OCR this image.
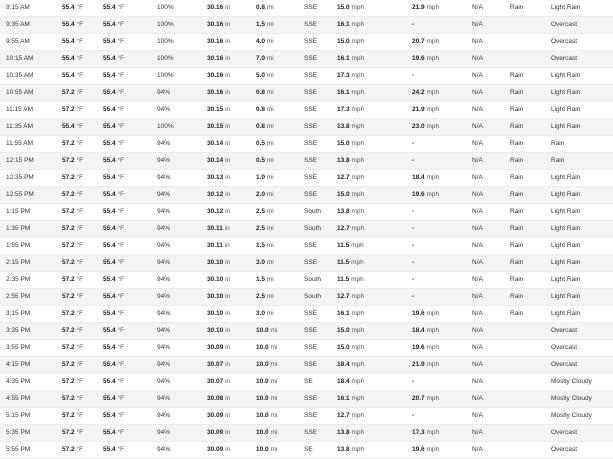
9:15 AM	55.4 °F	55.4 °F	100%	30.16 in	0.8 mi	SSE	15.0 mph	21.9 mph	N/A	Rain	Light Rain
9:35 AM	55.4 °F	55.4 °F	100%	30.16 in	1.5 mi	SSE	16.1 mph	-	N/A		Overcast
9:55 AM	55.4 °F	55.4 °F	100%	30.16 in	4.0 mi	SSE	15.0 mph	20.7 mph	N/A		Overcast
10:15 AM	55.4 °F	55.4 °F	100%	30.16 in	7.0 mi	SSE	16.1 mph	19.6 mph	N/A		Overcast
10:35 AM	55.4 °F	55.4 °F	100%	30.16 in	5.0 mi	SSE	17.3 mph	-	N/A	Rain	Light Rain
10:55 AM	57.2 °F	55.4 °F	94%	30.16 in	0.8 mi	SSE	16.1 mph	24.2 mph	N/A	Rain	Light Rain
11:15 AM	57.2 °F	55.4 °F	94%	30.15 in	0.8 mi	SSE	17.3 mph	21.9 mph	N/A	Rain	Light Rain
11:35 AM	55.4 °F	55.4 °F	100%	30.15 in	0.8 mi	SSE	13.8 mph	23.0 mph	N/A	Rain	Light Rain
11:55 AM	57.2 °F	55.4 °F	94%	30.14 in	0.5 mi	SSE	15.0 mph	-	N/A	Rain	Rain
12:15 PM	57.2 °F	55.4 °F	94%	30.14 in	0.5 mi	SSE	13.8 mph	-	N/A	Rain	Rain
12:35 PM	57.2 °F	55.4 °F	94%	30.13 in	1.0 mi	SSE	12.7 mph	18.4 mph	N/A	Rain	Light Rain
12:55 PM	57.2 °F	55.4 °F	94%	30.12 in	2.0 mi	SSE	15.0 mph	19.6 mph	N/A	Rain	Light Rain
1:15 PM	57.2 °F	55.4 °F	94%	30.12 in	2.5 mi	South	13.8 mph	-	N/A	Rain	Light Rain
1:35 PM	57.2 °F	55.4 °F	94%	30.11 in	2.5 mi	South	12.7 mph	-	N/A	Rain	Light Rain
1:55 PM	57.2 °F	55.4 °F	94%	30.11 in	1.5 mi	SSE	11.5 mph	-	N/A	Rain	Light Rain
2:15 PM	57.2 °F	55.4 °F	94%	30.10 in	3.0 mi	SSE	11.5 mph	-	N/A	Rain	Light Rain
2:35 PM	57.2 °F	55.4 °F	94%	30.10 in	1.5 mi	South	11.5 mph	-	N/A	Rain	Light Rain
2:55 PM	57.2 °F	55.4 °F	94%	30.10 in	2.5 mi	South	12.7 mph	-	N/A	Rain	Light Rain
3:15 PM	57.2 °F	55.4 °F	94%	30.10 in	3.0 mi	SSE	16.1 mph	19.6 mph	N/A	Rain	Light Rain
3:35 PM	57.2 °F	55.4 °F	94%	30.10 in	10.0 mi	SSE	15.0 mph	18.4 mph	N/A		Overcast
3:55 PM	57.2 °F	55.4 °F	94%	30.09 in	10.0 mi	SSE	15.0 mph	19.6 mph	N/A		Overcast
4:15 PM	57.2 °F	55.4 °F	94%	30.07 in	10.0 mi	SSE	18.4 mph	21.9 mph	N/A		Overcast
4:35 PM	57.2 °F	55.4 °F	94%	30.07 in	10.0 mi	SE	18.4 mph	-	N/A		Mostly Cloudy
4:55 PM	57.2 °F	55.4 °F	94%	30.08 in	10.0 mi	SSE	16.1 mph	20.7 mph	N/A		Mostly Cloudy
5:15 PM	57.2 °F	55.4 °F	94%	30.09 in	10.0 mi	SSE	12.7 mph	-	N/A		Mostly Cloudy
5:35 PM	57.2 °F	55.4 °F	94%	30.09 in	10.0 mi	SSE	13.8 mph	17.3 mph	N/A		Overcast
5:55 PM	57.2 °F	55.4 °F	94%	30.09 in	10.0 mi	SE	13.8 mph	19.6 mph	N/A		Overcast
